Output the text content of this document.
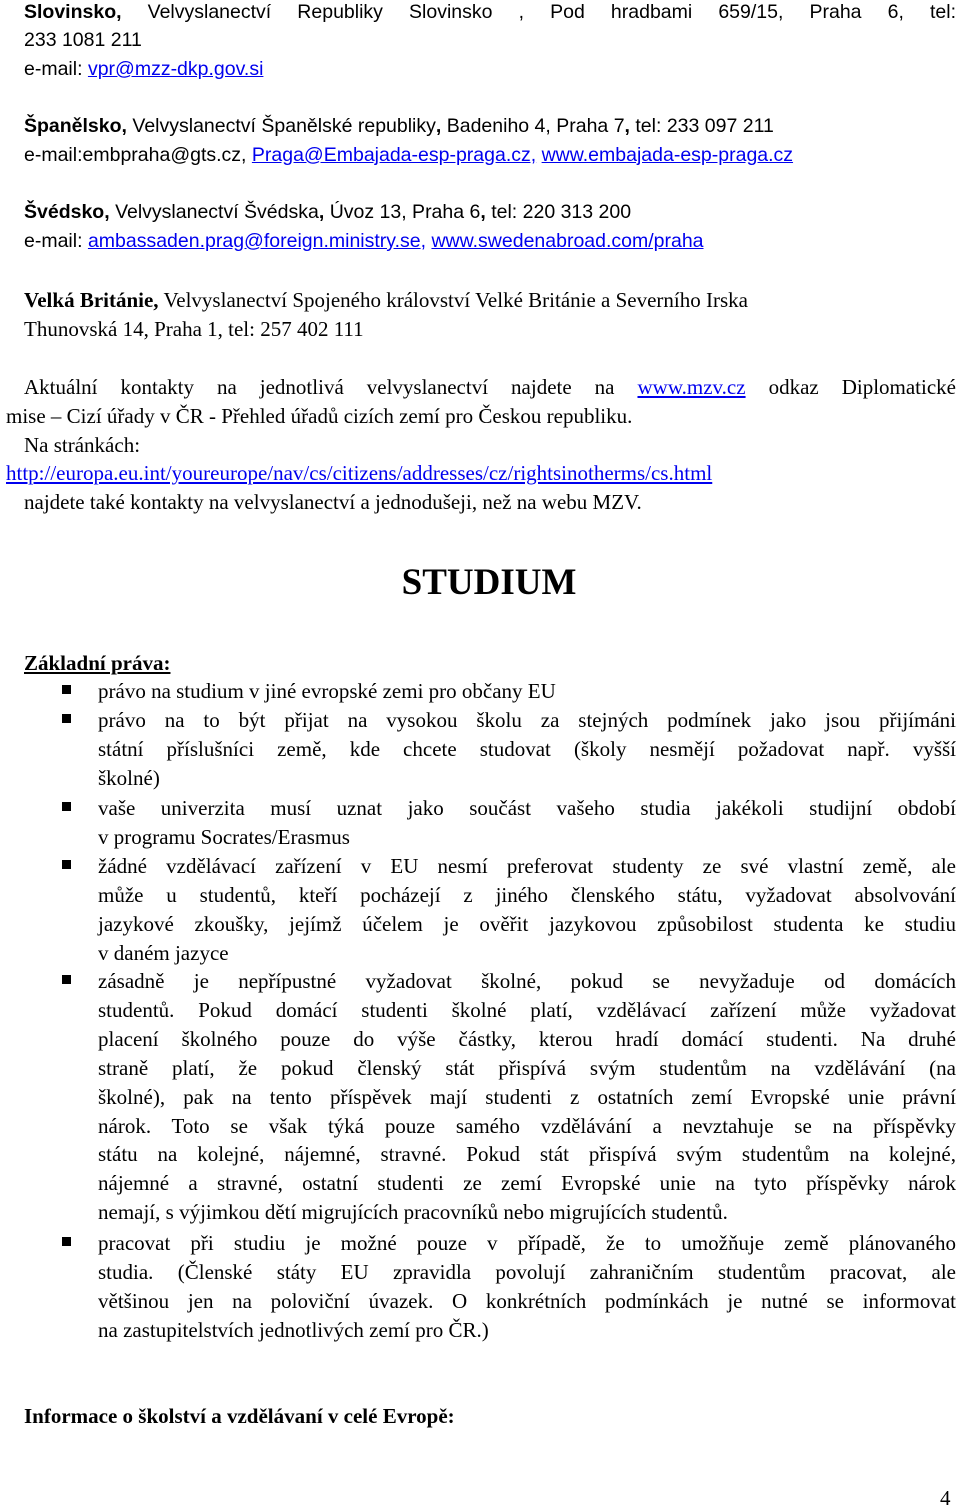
Slovinsko, Velvyslanectví Republiky Slovinsko , Pod hradbami 659/15, Praha 6, tel:
233 1081 211
e-mail: vpr@mzz-dkp.gov.si
Španělsko, Velvyslanectví Španělské republiky, Badeniho 4, Praha 7, tel: 233 097 211
e-mail:embpraha@gts.cz, Praga@Embajada-esp-praga.cz, www.embajada-esp-praga.cz
Švédsko, Velvyslanectví Švédska, Úvoz 13, Praha 6, tel: 220 313 200
e-mail: ambassaden.prag@foreign.ministry.se, www.swedenabroad.com/praha
Velká Británie, Velvyslanectví Spojeného království Velké Británie a Severního Irska
Thunovská 14, Praha 1, tel: 257 402 111
Aktuální kontakty na jednotlivá velvyslanectví najdete na www.mzv.cz odkaz Diplomatické
mise – Cizí úřady v ČR - Přehled úřadů cizích zemí pro Českou republiku.
Na stránkách:
http://europa.eu.int/youreurope/nav/cs/citizens/addresses/cz/rightsinotherms/cs.html
najdete také kontakty na velvyslanectví a jednodušeji, než na webu MZV.
STUDIUM
Základní práva:
právo na studium v jiné evropské zemi pro občany EU
právo na to být přijat na vysokou školu za stejných podmínek jako jsou přijímáni
státní příslušníci země, kde chcete studovat (školy nesmějí požadovat např. vyšší
školné)
vaše univerzita musí uznat jako součást vašeho studia jakékoli studijní období
v programu Socrates/Erasmus
žádné vzdělávací zařízení v EU nesmí preferovat studenty ze své vlastní země, ale
může u studentů, kteří pocházejí z jiného členského státu, vyžadovat absolvování
jazykové zkoušky, jejímž účelem je ověřit jazykovou způsobilost studenta ke studiu
v daném jazyce
zásadně je nepřípustné vyžadovat školné, pokud se nevyžaduje od domácích
studentů. Pokud domácí studenti školné platí, vzdělávací zařízení může vyžadovat
placení školného pouze do výše částky, kterou hradí domácí studenti. Na druhé
straně platí, že pokud členský stát přispívá svým studentům na vzdělávání (na
školné), pak na tento příspěvek mají studenti z ostatních zemí Evropské unie právní
nárok. Toto se však týká pouze samého vzdělávání a nevztahuje se na příspěvky
státu na kolejné, nájemné, stravné. Pokud stát přispívá svým studentům na kolejné,
nájemné a stravné, ostatní studenti ze zemí Evropské unie na tyto příspěvky nárok
nemají, s výjimkou dětí migrujících pracovníků nebo migrujících studentů.
pracovat při studiu je možné pouze v případě, že to umožňuje země plánovaného
studia. (Členské státy EU zpravidla povolují zahraničním studentům pracovat, ale
většinou jen na poloviční úvazek. O konkrétních podmínkách je nutné se informovat
na zastupitelstvích jednotlivých zemí pro ČR.)
Informace o školství a vzdělávaní v celé Evropě:
4
